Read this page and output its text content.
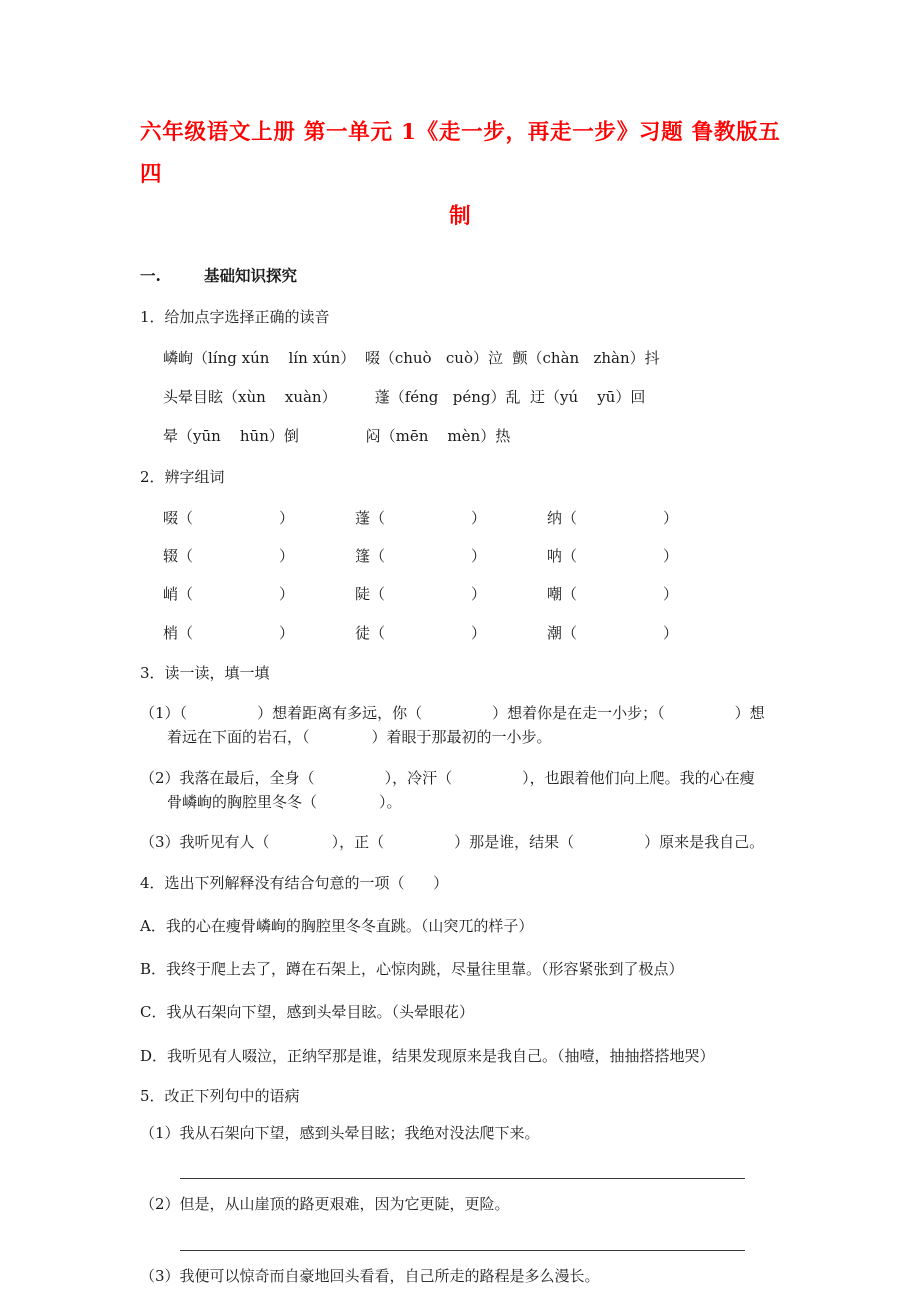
六年级语文上册 第一单元 1《走一步，再走一步》习题 鲁教版五四
制
一.	基础知识探究
1．给加点字选择正确的读音
嶙峋（líng xún    lín xún）  啜（chuò   cuò）泣  颤（chàn   zhàn）抖
头晕目眩（xùn    xuàn）        蓬（féng   péng）乱  迂（yú    yū）回
晕（yūn    hūn）倒              闷（mēn    mèn）热
2．辨字组词
啜（	）	蓬（	）	纳（	）
辍（	）	篷（	）	呐（	）
峭（	）	陡（	）	嘲（	）
梢（	）	徒（	）	潮（	）
3．读一读，填一填
（1）（	）想着距离有多远，你（	）想着你是在走一小步；（	）想
着远在下面的岩石，（	）着眼于那最初的一小步。
（2）我落在最后，全身（	），冷汗（	），也跟着他们向上爬。我的心在瘦
骨嶙峋的胸腔里冬冬（	）。
（3）我听见有人（	），正（	）那是谁，结果（	）原来是我自己。
4．选出下列解释没有结合句意的一项（      ）
A．我的心在瘦骨嶙峋的胸腔里冬冬直跳。（山突兀的样子）
B．我终于爬上去了，蹲在石架上，心惊肉跳，尽量往里靠。（形容紧张到了极点）
C．我从石架向下望，感到头晕目眩。（头晕眼花）
D．我听见有人啜泣，正纳罕那是谁，结果发现原来是我自己。（抽噎，抽抽搭搭地哭）
5．改正下列句中的语病
（1）我从石架向下望，感到头晕目眩；我绝对没法爬下来。
（2）但是，从山崖顶的路更艰难，因为它更陡，更险。
（3）我便可以惊奇而自豪地回头看看，自己所走的路程是多么漫长。
